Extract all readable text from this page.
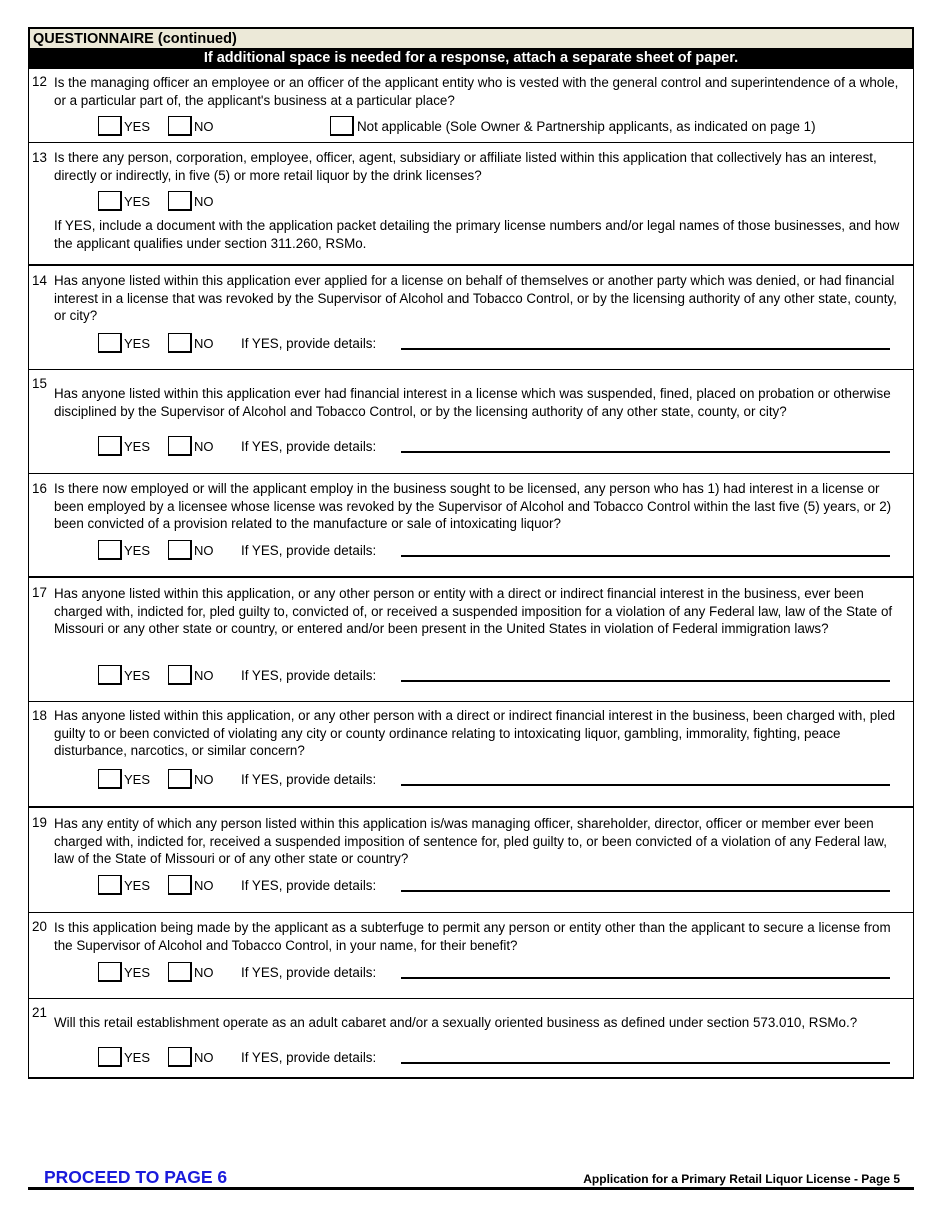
QUESTIONNAIRE (continued)
If additional space is needed for a response, attach a separate sheet of paper.
12 Is the managing officer an employee or an officer of the applicant entity who is vested with the general control and superintendence of a whole, or a particular part of, the applicant's business at a particular place?
YES	NO	Not applicable (Sole Owner & Partnership applicants, as indicated on page 1)
13 Is there any person, corporation, employee, officer, agent, subsidiary or affiliate listed within this application that collectively has an interest, directly or indirectly, in five (5) or more retail liquor by the drink licenses?
YES	NO
If YES, include a document with the application packet detailing the primary license numbers and/or legal names of those businesses, and how the applicant qualifies under section 311.260, RSMo.
14 Has anyone listed within this application ever applied for a license on behalf of themselves or another party which was denied, or had financial interest in a license that was revoked by the Supervisor of Alcohol and Tobacco Control, or by the licensing authority of any other state, county, or city?
YES	NO If YES, provide details:
15
Has anyone listed within this application ever had financial interest in a license which was suspended, fined, placed on probation or otherwise disciplined by the Supervisor of Alcohol and Tobacco Control, or by the licensing authority of any other state, county, or city?
YES	NO If YES, provide details:
16 Is there now employed or will the applicant employ in the business sought to be licensed, any person who has 1) had interest in a license or been employed by a licensee whose license was revoked by the Supervisor of Alcohol and Tobacco Control within the last five (5) years, or 2) been convicted of a provision related to the manufacture or sale of intoxicating liquor?
YES	NO If YES, provide details:
17 Has anyone listed within this application, or any other person or entity with a direct or indirect financial interest in the business, ever been charged with, indicted for, pled guilty to, convicted of, or received a suspended imposition for a violation of any Federal law, law of the State of Missouri or any other state or country, or entered and/or been present in the United States in violation of Federal immigration laws?
YES	NO If YES, provide details:
18 Has anyone listed within this application, or any other person with a direct or indirect financial interest in the business, been charged with, pled guilty to or been convicted of violating any city or county ordinance relating to intoxicating liquor, gambling, immorality, fighting, peace disturbance, narcotics, or similar concern?
YES	NO If YES, provide details:
19 Has any entity of which any person listed within this application is/was managing officer, shareholder, director, officer or member ever been charged with, indicted for, received a suspended imposition of sentence for, pled guilty to, or been convicted of a violation of any Federal law, law of the State of Missouri or of any other state or country?
YES	NO If YES, provide details:
20 Is this application being made by the applicant as a subterfuge to permit any person or entity other than the applicant to secure a license from the Supervisor of Alcohol and Tobacco Control, in your name, for their benefit?
YES	NO If YES, provide details:
21
Will this retail establishment operate as an adult cabaret and/or a sexually oriented business as defined under section 573.010, RSMo.?
YES	NO If YES, provide details:
PROCEED TO PAGE 6	Application for a Primary Retail Liquor License - Page 5
